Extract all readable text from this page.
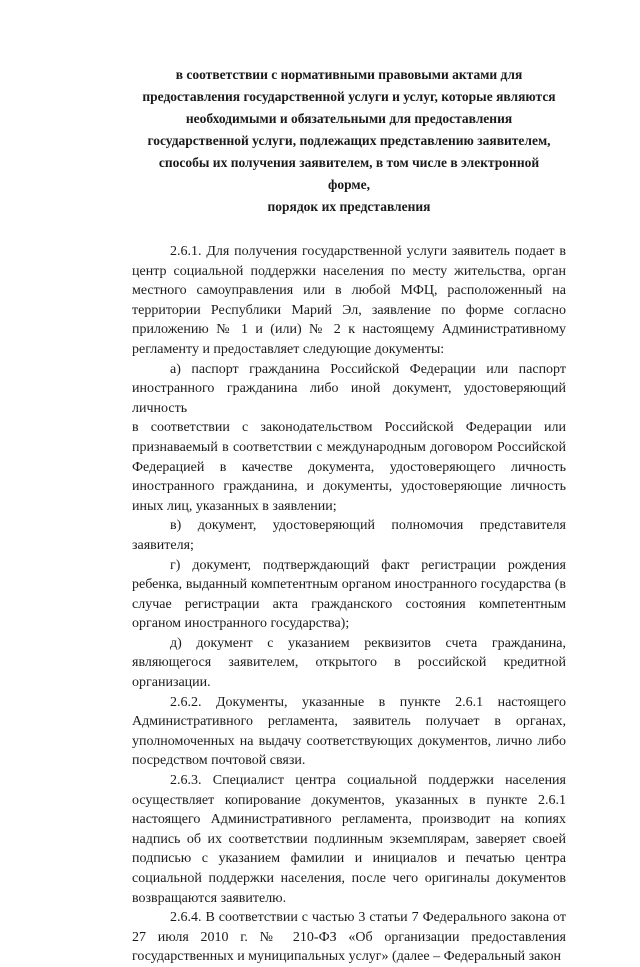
в соответствии с нормативными правовыми актами для
предоставления государственной услуги и услуг, которые являются
необходимыми и обязательными для предоставления
государственной услуги, подлежащих представлению заявителем,
способы их получения заявителем, в том числе в электронной
форме,
порядок их представления

2.6.1. Для получения государственной услуги заявитель подает в центр социальной поддержки населения по месту жительства, орган местного самоуправления или в любой МФЦ, расположенный на территории Республики Марий Эл, заявление по форме согласно приложению № 1 и (или) № 2 к настоящему Административному регламенту и предоставляет следующие документы:

а) паспорт гражданина Российской Федерации или паспорт иностранного гражданина либо иной документ, удостоверяющий личность

в соответствии с законодательством Российской Федерации или признаваемый в соответствии с международным договором Российской Федерацией в качестве документа, удостоверяющего личность иностранного гражданина, и документы, удостоверяющие личность иных лиц, указанных в заявлении;

в) документ, удостоверяющий полномочия представителя заявителя;

г) документ, подтверждающий факт регистрации рождения ребенка, выданный компетентным органом иностранного государства (в случае регистрации акта гражданского состояния компетентным органом иностранного государства);

д) документ с указанием реквизитов счета гражданина, являющегося заявителем, открытого в российской кредитной организации.

2.6.2. Документы, указанные в пункте 2.6.1 настоящего Административного регламента, заявитель получает в органах, уполномоченных на выдачу соответствующих документов, лично либо посредством почтовой связи.

2.6.3. Специалист центра социальной поддержки населения осуществляет копирование документов, указанных в пункте 2.6.1 настоящего Административного регламента, производит на копиях надпись об их соответствии подлинным экземплярам, заверяет своей подписью с указанием фамилии и инициалов и печатью центра социальной поддержки населения, после чего оригиналы документов возвращаются заявителю.

2.6.4. В соответствии с частью 3 статьи 7 Федерального закона от 27 июля 2010 г. № 210-ФЗ «Об организации предоставления государственных и муниципальных услуг» (далее – Федеральный закон
